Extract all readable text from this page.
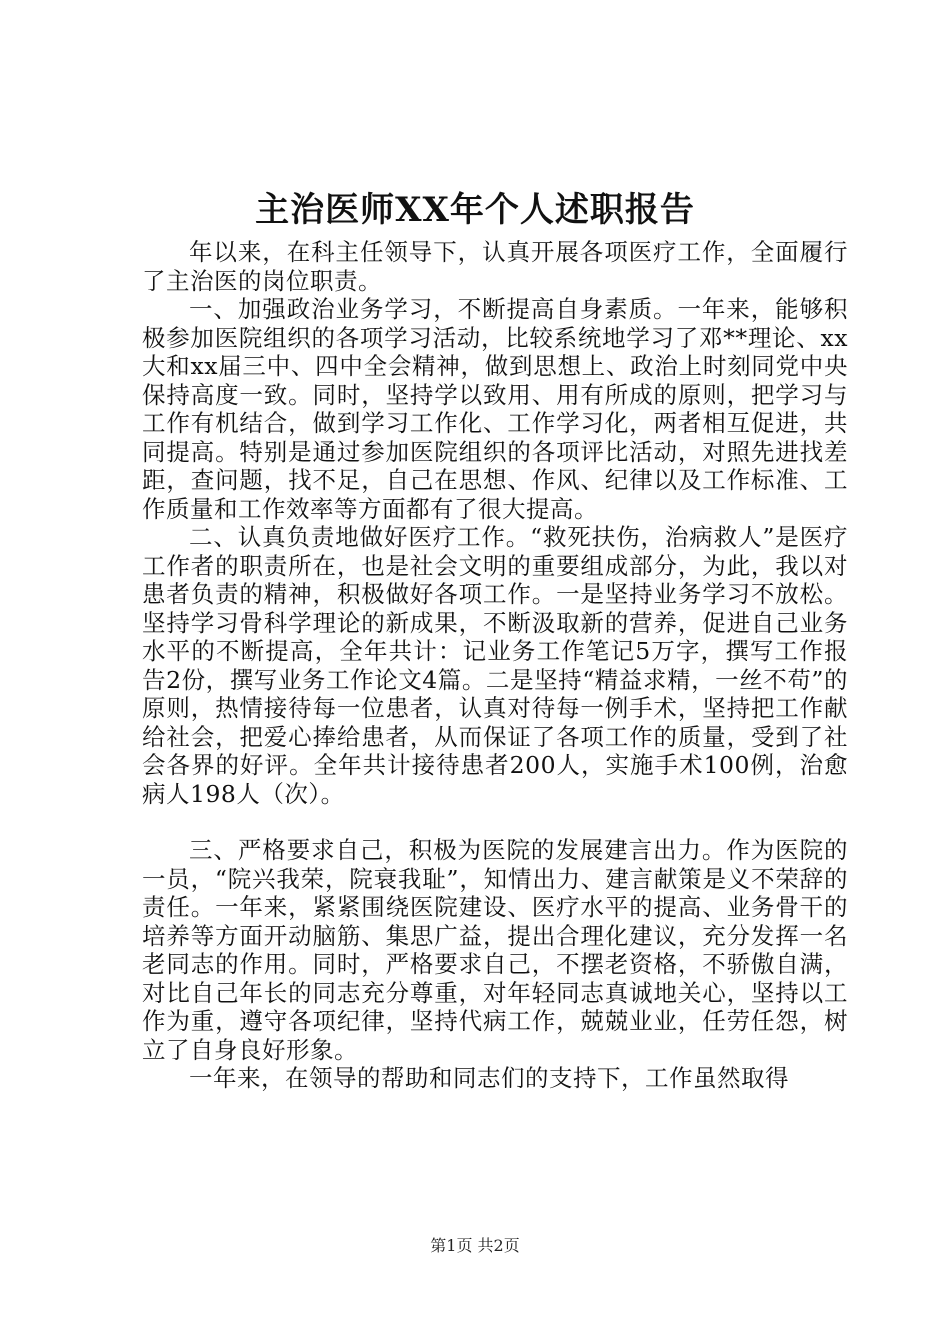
主治医师XX年个人述职报告

年以来，在科主任领导下，认真开展各项医疗工作，全面履行了主治医的岗位职责。

一、加强政治业务学习，不断提高自身素质。一年来，能够积极参加医院组织的各项学习活动，比较系统地学习了邓**理论、xx大和xx届三中、四中全会精神，做到思想上、政治上时刻同党中央保持高度一致。同时，坚持学以致用、用有所成的原则，把学习与工作有机结合，做到学习工作化、工作学习化，两者相互促进，共同提高。特别是通过参加医院组织的各项评比活动，对照先进找差距，查问题，找不足，自己在思想、作风、纪律以及工作标准、工作质量和工作效率等方面都有了很大提高。

二、认真负责地做好医疗工作。“救死扶伤，治病救人”是医疗工作者的职责所在，也是社会文明的重要组成部分，为此，我以对患者负责的精神，积极做好各项工作。一是坚持业务学习不放松。坚持学习骨科学理论的新成果，不断汲取新的营养，促进自己业务水平的不断提高，全年共计：记业务工作笔记5万字，撰写工作报告2份，撰写业务工作论文4篇。二是坚持“精益求精，一丝不苟”的原则，热情接待每一位患者，认真对待每一例手术，坚持把工作献给社会，把爱心捧给患者，从而保证了各项工作的质量，受到了社会各界的好评。全年共计接待患者200人，实施手术100例，治愈病人198人（次）。

三、严格要求自己，积极为医院的发展建言出力。作为医院的一员，“院兴我荣，院衰我耻”，知情出力、建言献策是义不荣辞的责任。一年来，紧紧围绕医院建设、医疗水平的提高、业务骨干的培养等方面开动脑筋、集思广益，提出合理化建议，充分发挥一名老同志的作用。同时，严格要求自己，不摆老资格，不骄傲自满，对比自己年长的同志充分尊重，对年轻同志真诚地关心，坚持以工作为重，遵守各项纪律，坚持代病工作，兢兢业业，任劳任怨，树立了自身良好形象。

一年来，在领导的帮助和同志们的支持下，工作虽然取得

第1页 共2页
